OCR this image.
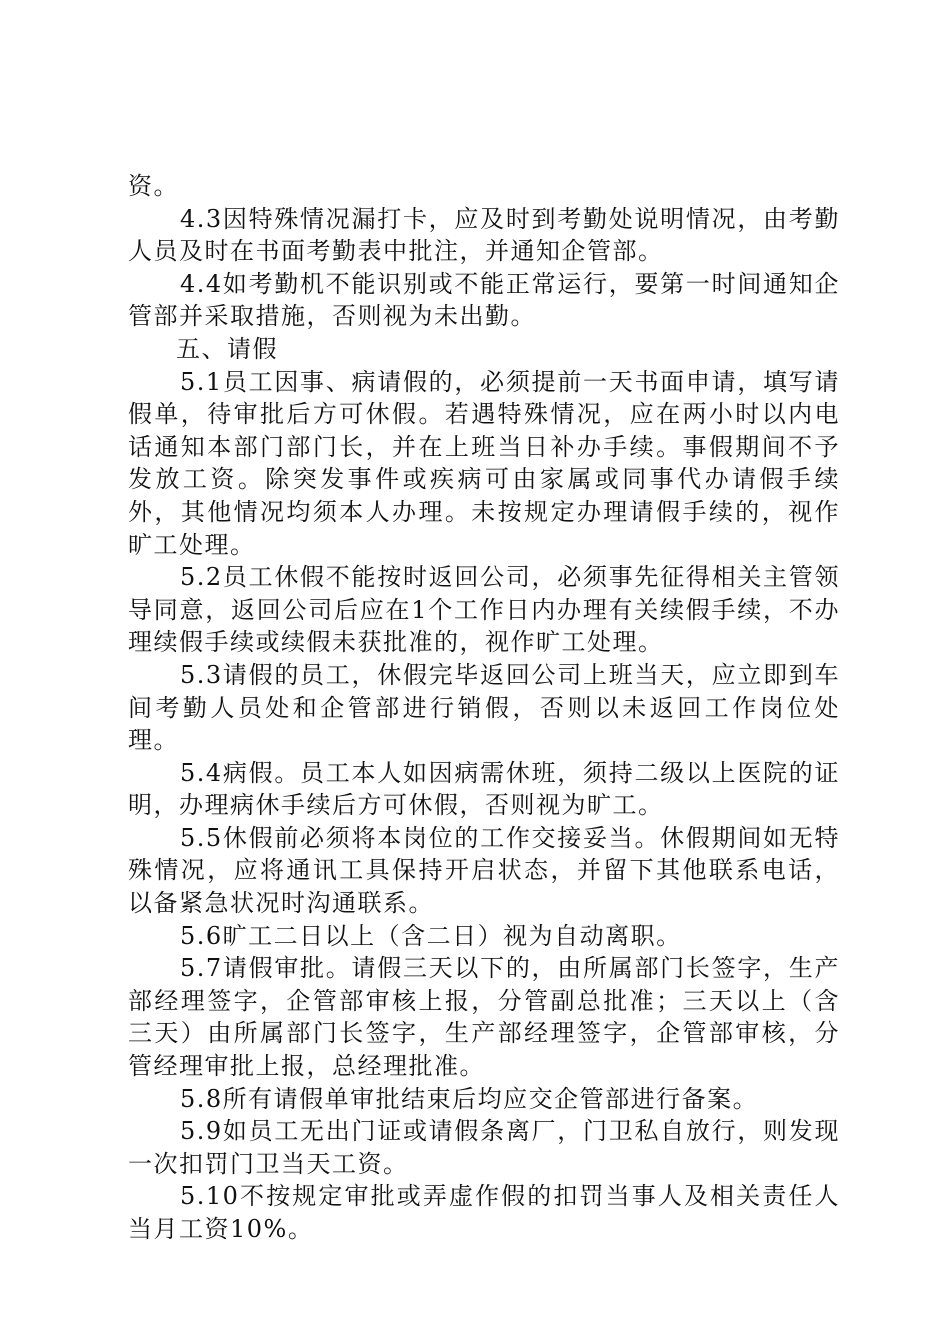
资。

4.3因特殊情况漏打卡，应及时到考勤处说明情况，由考勤人员及时在书面考勤表中批注，并通知企管部。

4.4如考勤机不能识别或不能正常运行，要第一时间通知企管部并采取措施，否则视为未出勤。

五、请假

5.1员工因事、病请假的，必须提前一天书面申请，填写请假单，待审批后方可休假。若遇特殊情况，应在两小时以内电话通知本部门部门长，并在上班当日补办手续。事假期间不予发放工资。除突发事件或疾病可由家属或同事代办请假手续外，其他情况均须本人办理。未按规定办理请假手续的，视作旷工处理。

5.2员工休假不能按时返回公司，必须事先征得相关主管领导同意，返回公司后应在1个工作日内办理有关续假手续，不办理续假手续或续假未获批准的，视作旷工处理。

5.3请假的员工，休假完毕返回公司上班当天，应立即到车间考勤人员处和企管部进行销假，否则以未返回工作岗位处理。

5.4病假。员工本人如因病需休班，须持二级以上医院的证明，办理病休手续后方可休假，否则视为旷工。

5.5休假前必须将本岗位的工作交接妥当。休假期间如无特殊情况，应将通讯工具保持开启状态，并留下其他联系电话，以备紧急状况时沟通联系。

5.6旷工二日以上（含二日）视为自动离职。

5.7请假审批。请假三天以下的，由所属部门长签字，生产部经理签字，企管部审核上报，分管副总批准；三天以上（含三天）由所属部门长签字，生产部经理签字，企管部审核，分管经理审批上报，总经理批准。

5.8所有请假单审批结束后均应交企管部进行备案。

5.9如员工无出门证或请假条离厂，门卫私自放行，则发现一次扣罚门卫当天工资。

5.10不按规定审批或弄虚作假的扣罚当事人及相关责任人当月工资10%。
